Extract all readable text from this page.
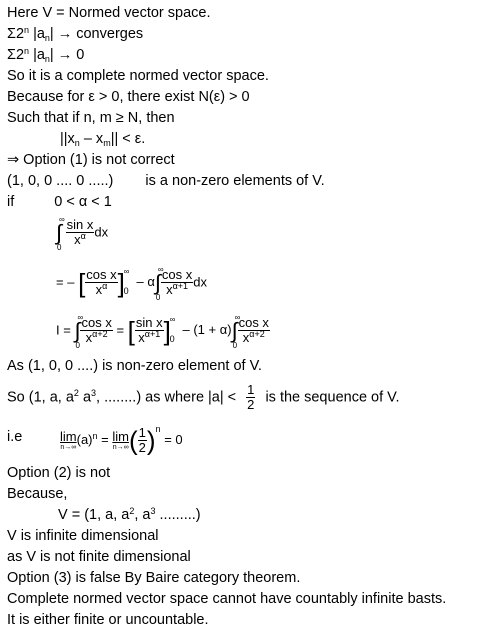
Here V = Normed vector space.
Σ2$^n$ $|a_n|$ → converges
Σ2$^n$ $|a_n| \to 0$
So it is a complete normed vector space.
Because for ε > 0, there exist N(ε) > 0
Such that if n, m ≥ N, then
$||x_n - x_m|| < \varepsilon$.
⇒ Option (1) is not correct
(1, 0, 0 .... 0 .....) is a non-zero elements of V.
if	0 < α < 1
∫
∞
0
$\frac{\text{sin x}}{x^\alpha}$ dx
= – [ $\frac{\text{cos x}}{x^\alpha}$ ]
∞
0
– α∫
∞
$0 \frac{\text{cos x}}{x^{\alpha+1}}$ dx
I = ∫
∞
$0 \frac{\text{cos x}}{x^{\alpha+2}}$ = [ $\frac{\text{sin x}}{x^{\alpha+1}}$ ]
∞
0
– (1 + α)∫
∞
$0 \frac{\text{cos x}}{x^{\alpha+2}}$
As (1, 0, 0 ....) is non-zero element of V.
So (1, a, $a^2$ $a^3$, ........) as where $|a| < \frac{1}{2}$ is the sequence of V.
i.e	lim
n→∞
$(a)^n = \lim$
n→∞ ( $\frac{1}{2} )^n = 0$
Option (2) is not
Because,
V = (1, a, $a^2$, $a^3$ .........)
V is infinite dimensional
as V is not finite dimensional
Option (3) is false By Baire category theorem.
Complete normed vector space cannot have countably infinite basts.
It is either finite or uncountable.
